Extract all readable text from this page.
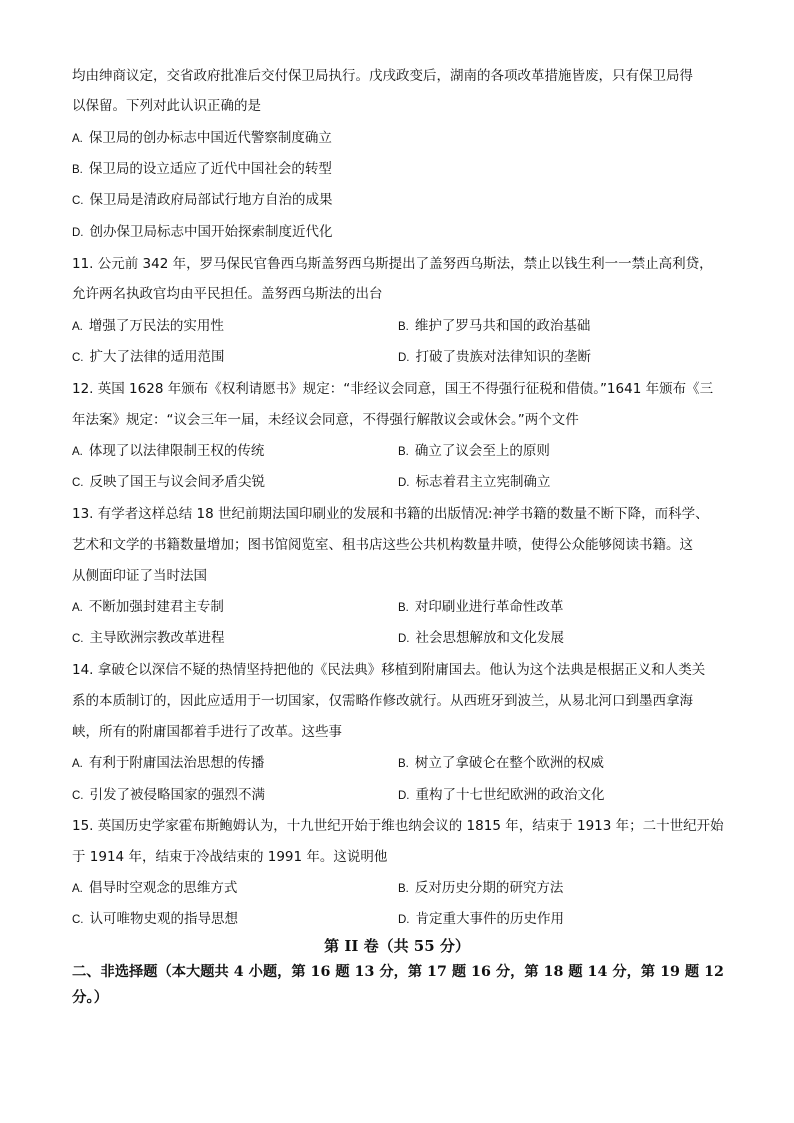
均由绅商议定，交省政府批准后交付保卫局执行。戊戌政变后，湖南的各项改革措施皆废，只有保卫局得
以保留。下列对此认识正确的是
A. 保卫局的创办标志中国近代警察制度确立
B. 保卫局的设立适应了近代中国社会的转型
C. 保卫局是清政府局部试行地方自治的成果
D. 创办保卫局标志中国开始探索制度近代化
11. 公元前 342 年，罗马保民官鲁西乌斯盖努西乌斯提出了盖努西乌斯法，禁止以钱生利一一禁止高利贷，
允许两名执政官均由平民担任。盖努西乌斯法的出台
A. 增强了万民法的实用性	B. 维护了罗马共和国的政治基础
C. 扩大了法律的适用范围	D. 打破了贵族对法律知识的垄断
12. 英国 1628 年颁布《权利请愿书》规定：“非经议会同意，国王不得强行征税和借债。”1641 年颁布《三
年法案》规定：“议会三年一届，未经议会同意，不得强行解散议会或休会。”两个文件
A. 体现了以法律限制王权的传统	B. 确立了议会至上的原则
C. 反映了国王与议会间矛盾尖锐	D. 标志着君主立宪制确立
13. 有学者这样总结 18 世纪前期法国印刷业的发展和书籍的出版情况:神学书籍的数量不断下降，而科学、
艺术和文学的书籍数量增加；图书馆阅览室、租书店这些公共机构数量井喷，使得公众能够阅读书籍。这
从侧面印证了当时法国
A. 不断加强封建君主专制	B. 对印刷业进行革命性改革
C. 主导欧洲宗教改革进程	D. 社会思想解放和文化发展
14. 拿破仑以深信不疑的热情坚持把他的《民法典》移植到附庸国去。他认为这个法典是根据正义和人类关
系的本质制订的，因此应适用于一切国家，仅需略作修改就行。从西班牙到波兰，从易北河口到墨西拿海
峡，所有的附庸国都着手进行了改革。这些事
A. 有利于附庸国法治思想的传播	B. 树立了拿破仑在整个欧洲的权威
C. 引发了被侵略国家的强烈不满	D. 重构了十七世纪欧洲的政治文化
15. 英国历史学家霍布斯鲍姆认为，十九世纪开始于维也纳会议的 1815 年，结束于 1913 年；二十世纪开始
于 1914 年，结束于冷战结束的 1991 年。这说明他
A. 倡导时空观念的思维方式	B. 反对历史分期的研究方法
C. 认可唯物史观的指导思想	D. 肯定重大事件的历史作用
第 II 卷（共 55 分）
二、非选择题（本大题共 4 小题，第 16 题 13 分，第 17 题 16 分，第 18 题 14 分，第 19 题 12
分。）
